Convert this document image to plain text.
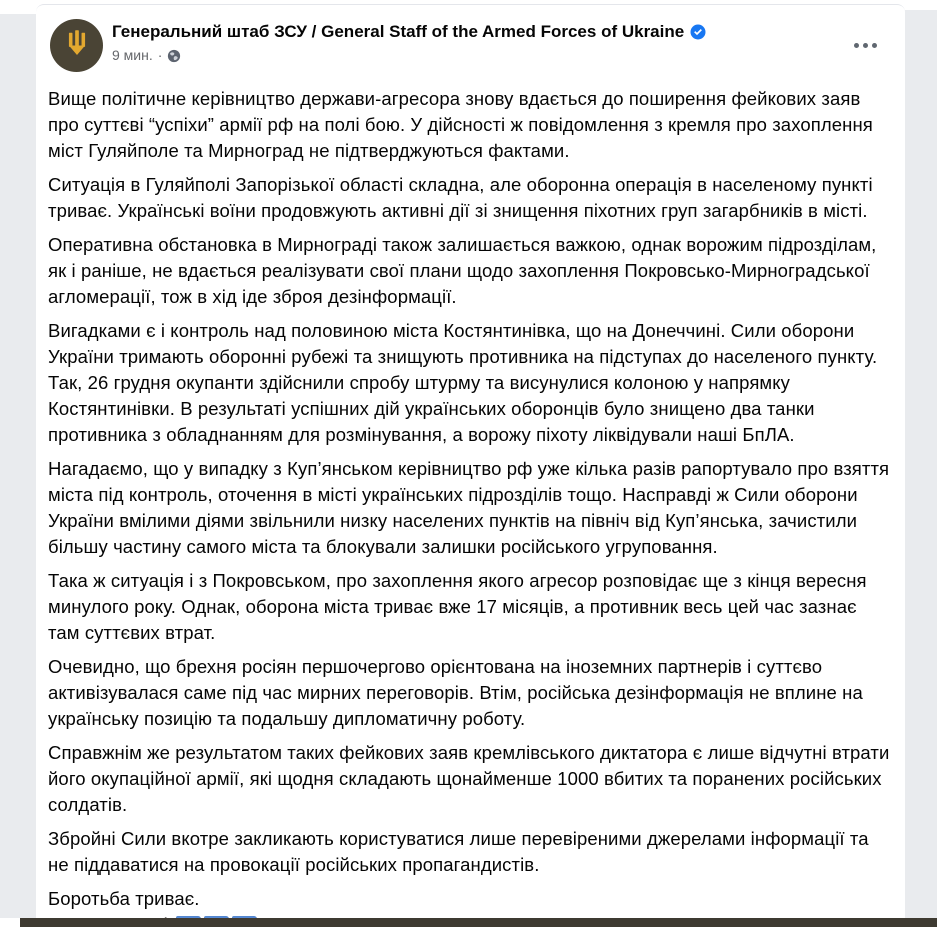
Генеральний штаб ЗСУ / General Staff of the Armed Forces of Ukraine
9 мин. ·

Вище політичне керівництво держави-агресора знову вдається до поширення фейкових заяв про суттєві “успіхи” армії рф на полі бою. У дійсності ж повідомлення з кремля про захоплення міст Гуляйполе та Мирноград не підтверджуються фактами.

Ситуація в Гуляйполі Запорізької області складна, але оборонна операція в населеному пункті триває. Українські воїни продовжують активні дії зі знищення піхотних груп загарбників в місті.

Оперативна обстановка в Мирнограді також залишається важкою, однак ворожим підрозділам, як і раніше, не вдається реалізувати свої плани щодо захоплення Покровсько-Мирноградської агломерації, тож в хід іде зброя дезінформації.

Вигадками є і контроль над половиною міста Костянтинівка, що на Донеччині. Сили оборони України тримають оборонні рубежі та знищують противника на підступах до населеного пункту. Так, 26 грудня окупанти здійснили спробу штурму та висунулися колоною у напрямку Костянтинівки. В результаті успішних дій українських оборонців було знищено два танки противника з обладнанням для розмінування, а ворожу піхоту ліквідували наші БпЛА.

Нагадаємо, що у випадку з Куп’янськом керівництво рф уже кілька разів рапортувало про взяття міста під контроль, оточення в місті українських підрозділів тощо. Насправді ж Сили оборони України вмілими діями звільнили низку населених пунктів на північ від Куп’янська, зачистили більшу частину самого міста та блокували залишки російського угруповання.

Така ж ситуація і з Покровськом, про захоплення якого агресор розповідає ще з кінця вересня минулого року. Однак, оборона міста триває вже 17 місяців, а противник весь цей час зазнає там суттєвих втрат.

Очевидно, що брехня росіян першочергово орієнтована на іноземних партнерів і суттєво активізувалася саме під час мирних переговорів. Втім, російська дезінформація не вплине на українську позицію та подальшу дипломатичну роботу.

Справжнім же результатом таких фейкових заяв кремлівського диктатора є лише відчутні втрати його окупаційної армії, які щодня складають щонайменше 1000 вбитих та поранених російських солдатів.

Збройні Сили вкотре закликають користуватися лише перевіреними джерелами інформації та не піддаватися на провокації російських пропагандистів.

Боротьба триває.
